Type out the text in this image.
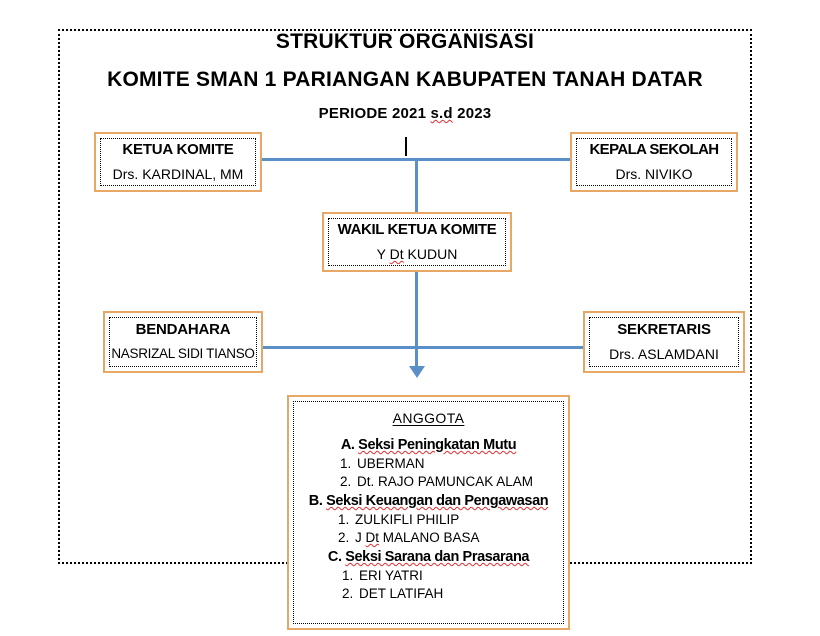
STRUKTUR ORGANISASI
KOMITE SMAN 1 PARIANGAN KABUPATEN TANAH DATAR
PERIODE 2021 s.d 2023
KETUA KOMITE
Drs. KARDINAL, MM
KEPALA SEKOLAH
Drs. NIVIKO
WAKIL KETUA KOMITE
Y Dt KUDUN
BENDAHARA
NASRIZAL SIDI TIANSO
SEKRETARIS
Drs. ASLAMDANI
ANGGOTA
A. Seksi Peningkatan Mutu
1. UBERMAN
2. Dt. RAJO PAMUNCAK ALAM
B. Seksi Keuangan dan Pengawasan
1. ZULKIFLI PHILIP
2. J Dt MALANO BASA
C. Seksi Sarana dan Prasarana
1. ERI YATRI
2. DET LATIFAH
